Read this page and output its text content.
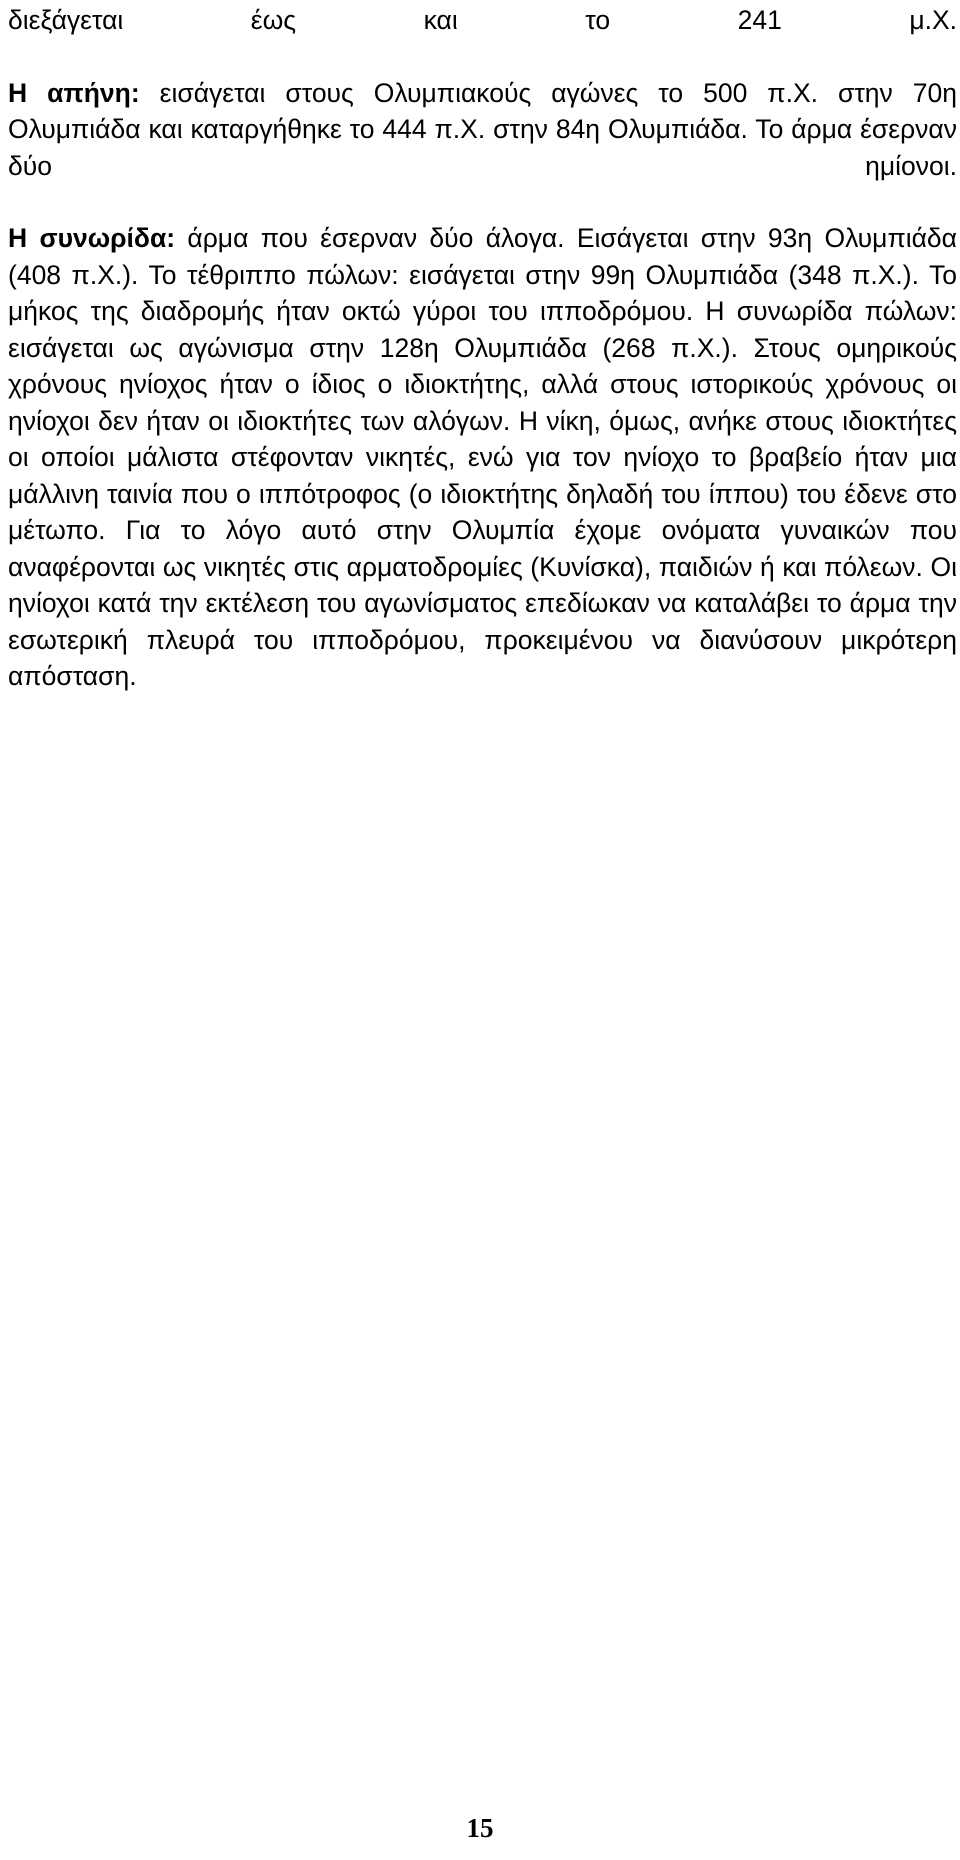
διεξάγεται έως και το 241 μ.Χ.

Η απήνη: εισάγεται στους Ολυμπιακούς αγώνες το 500 π.Χ. στην 70η Ολυμπιάδα και καταργήθηκε το 444 π.Χ. στην 84η Ολυμπιάδα. Το άρμα έσερναν δύο ημίονοι.

Η συνωρίδα: άρμα που έσερναν δύο άλογα. Εισάγεται στην 93η Ολυμπιάδα (408 π.Χ.). Το τέθριππο πώλων: εισάγεται στην 99η Ολυμπιάδα (348 π.Χ.). Το μήκος της διαδρομής ήταν οκτώ γύροι του ιπποδρόμου. Η συνωρίδα πώλων: εισάγεται ως αγώνισμα στην 128η Ολυμπιάδα (268 π.Χ.). Στους ομηρικούς χρόνους ηνίοχος ήταν ο ίδιος ο ιδιοκτήτης, αλλά στους ιστορικούς χρόνους οι ηνίοχοι δεν ήταν οι ιδιοκτήτες των αλόγων. Η νίκη, όμως, ανήκε στους ιδιοκτήτες οι οποίοι μάλιστα στέφονταν νικητές, ενώ για τον ηνίοχο το βραβείο ήταν μια μάλλινη ταινία που ο ιππότροφος (ο ιδιοκτήτης δηλαδή του ίππου) του έδενε στο μέτωπο. Για το λόγο αυτό στην Ολυμπία έχομε ονόματα γυναικών που αναφέρονται ως νικητές στις αρματοδρομίες (Κυνίσκα), παιδιών ή και πόλεων. Οι ηνίοχοι κατά την εκτέλεση του αγωνίσματος επεδίωκαν να καταλάβει το άρμα την εσωτερική πλευρά του ιπποδρόμου, προκειμένου να διανύσουν μικρότερη απόσταση.

15
